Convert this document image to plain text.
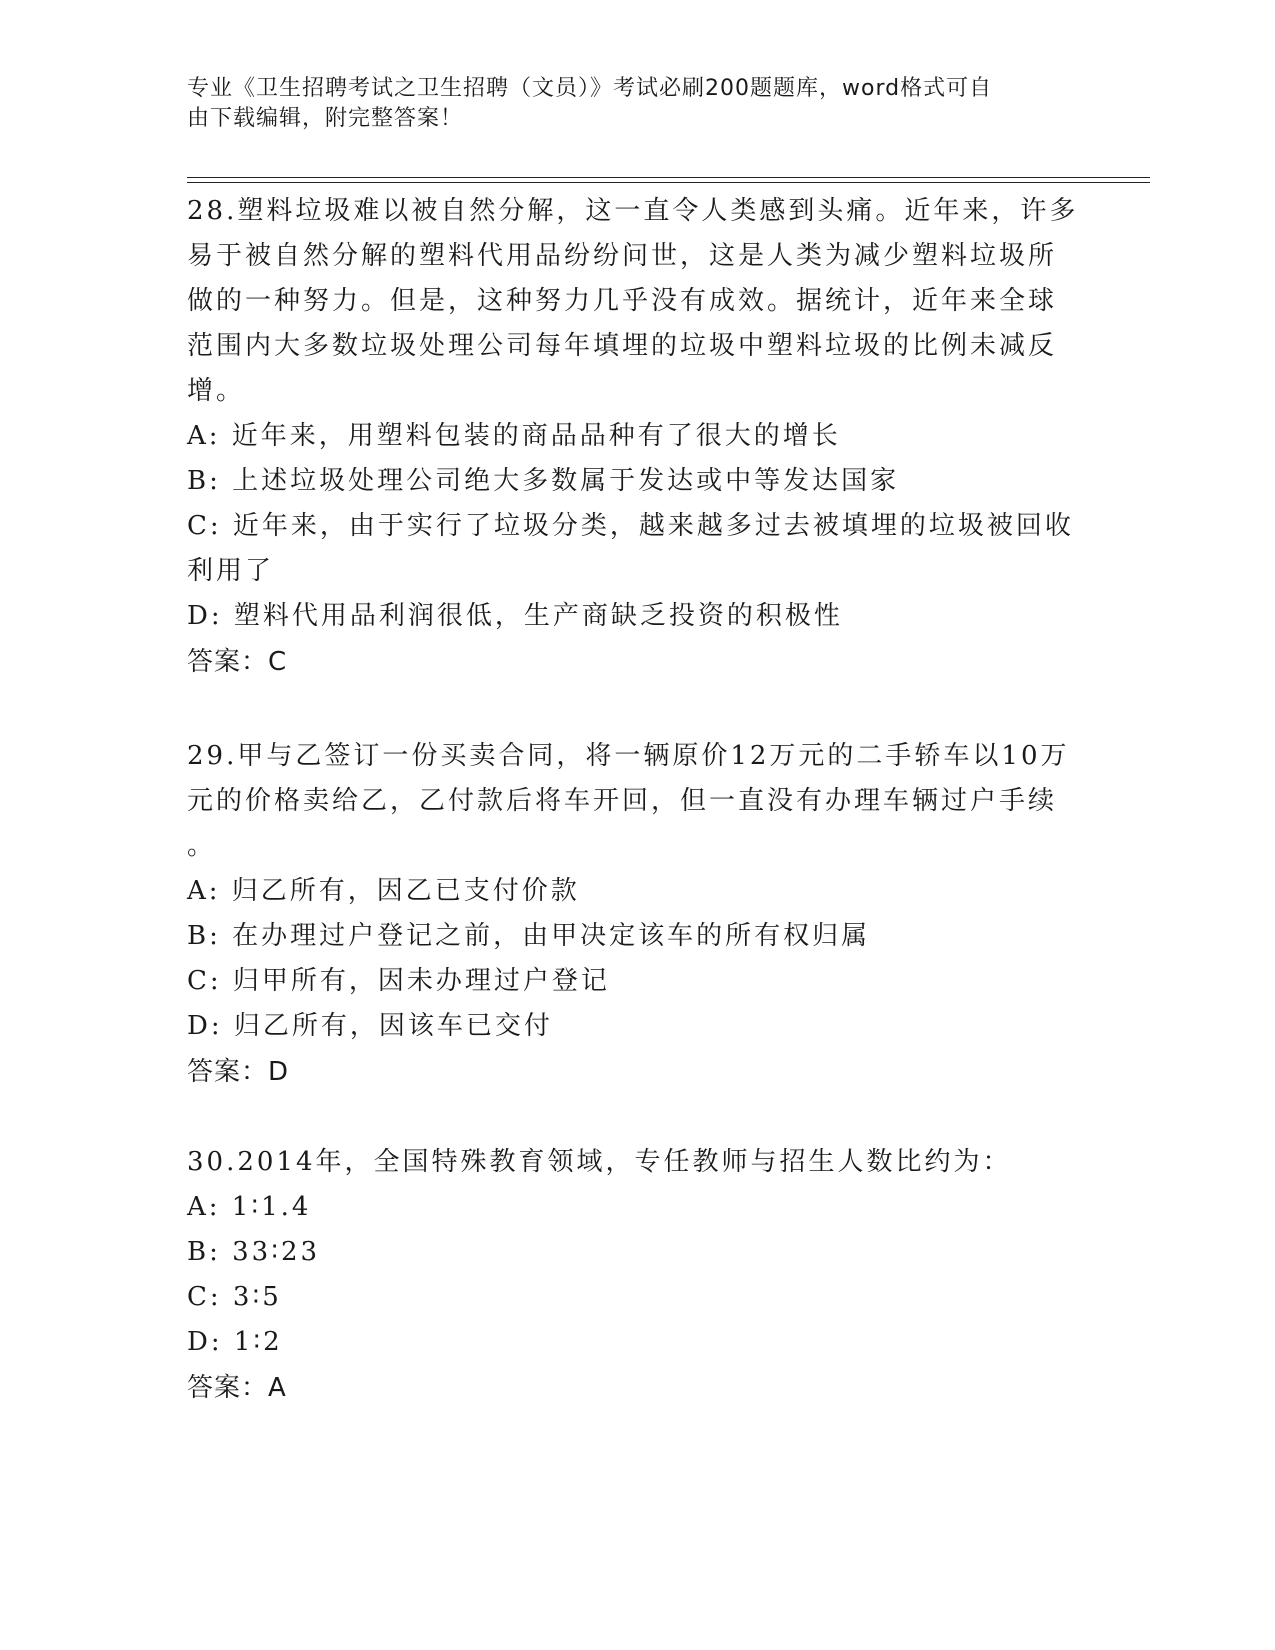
专业《卫生招聘考试之卫生招聘（文员）》考试必刷200题题库，word格式可自
由下载编辑，附完整答案！
28.塑料垃圾难以被自然分解，这一直令人类感到头痛。近年来，许多
易于被自然分解的塑料代用品纷纷问世，这是人类为减少塑料垃圾所
做的一种努力。但是，这种努力几乎没有成效。据统计，近年来全球
范围内大多数垃圾处理公司每年填埋的垃圾中塑料垃圾的比例未减反
增。
A: 近年来，用塑料包装的商品品种有了很大的增长
B: 上述垃圾处理公司绝大多数属于发达或中等发达国家
C: 近年来，由于实行了垃圾分类，越来越多过去被填埋的垃圾被回收
利用了
D: 塑料代用品利润很低，生产商缺乏投资的积极性
答案：C
29.甲与乙签订一份买卖合同，将一辆原价12万元的二手轿车以10万
元的价格卖给乙，乙付款后将车开回，但一直没有办理车辆过户手续
。
A: 归乙所有，因乙已支付价款
B: 在办理过户登记之前，由甲决定该车的所有权归属
C: 归甲所有，因未办理过户登记
D: 归乙所有，因该车已交付
答案：D
30.2014年，全国特殊教育领域，专任教师与招生人数比约为：
A: 1∶1.4
B: 33∶23
C: 3∶5
D: 1∶2
答案：A
